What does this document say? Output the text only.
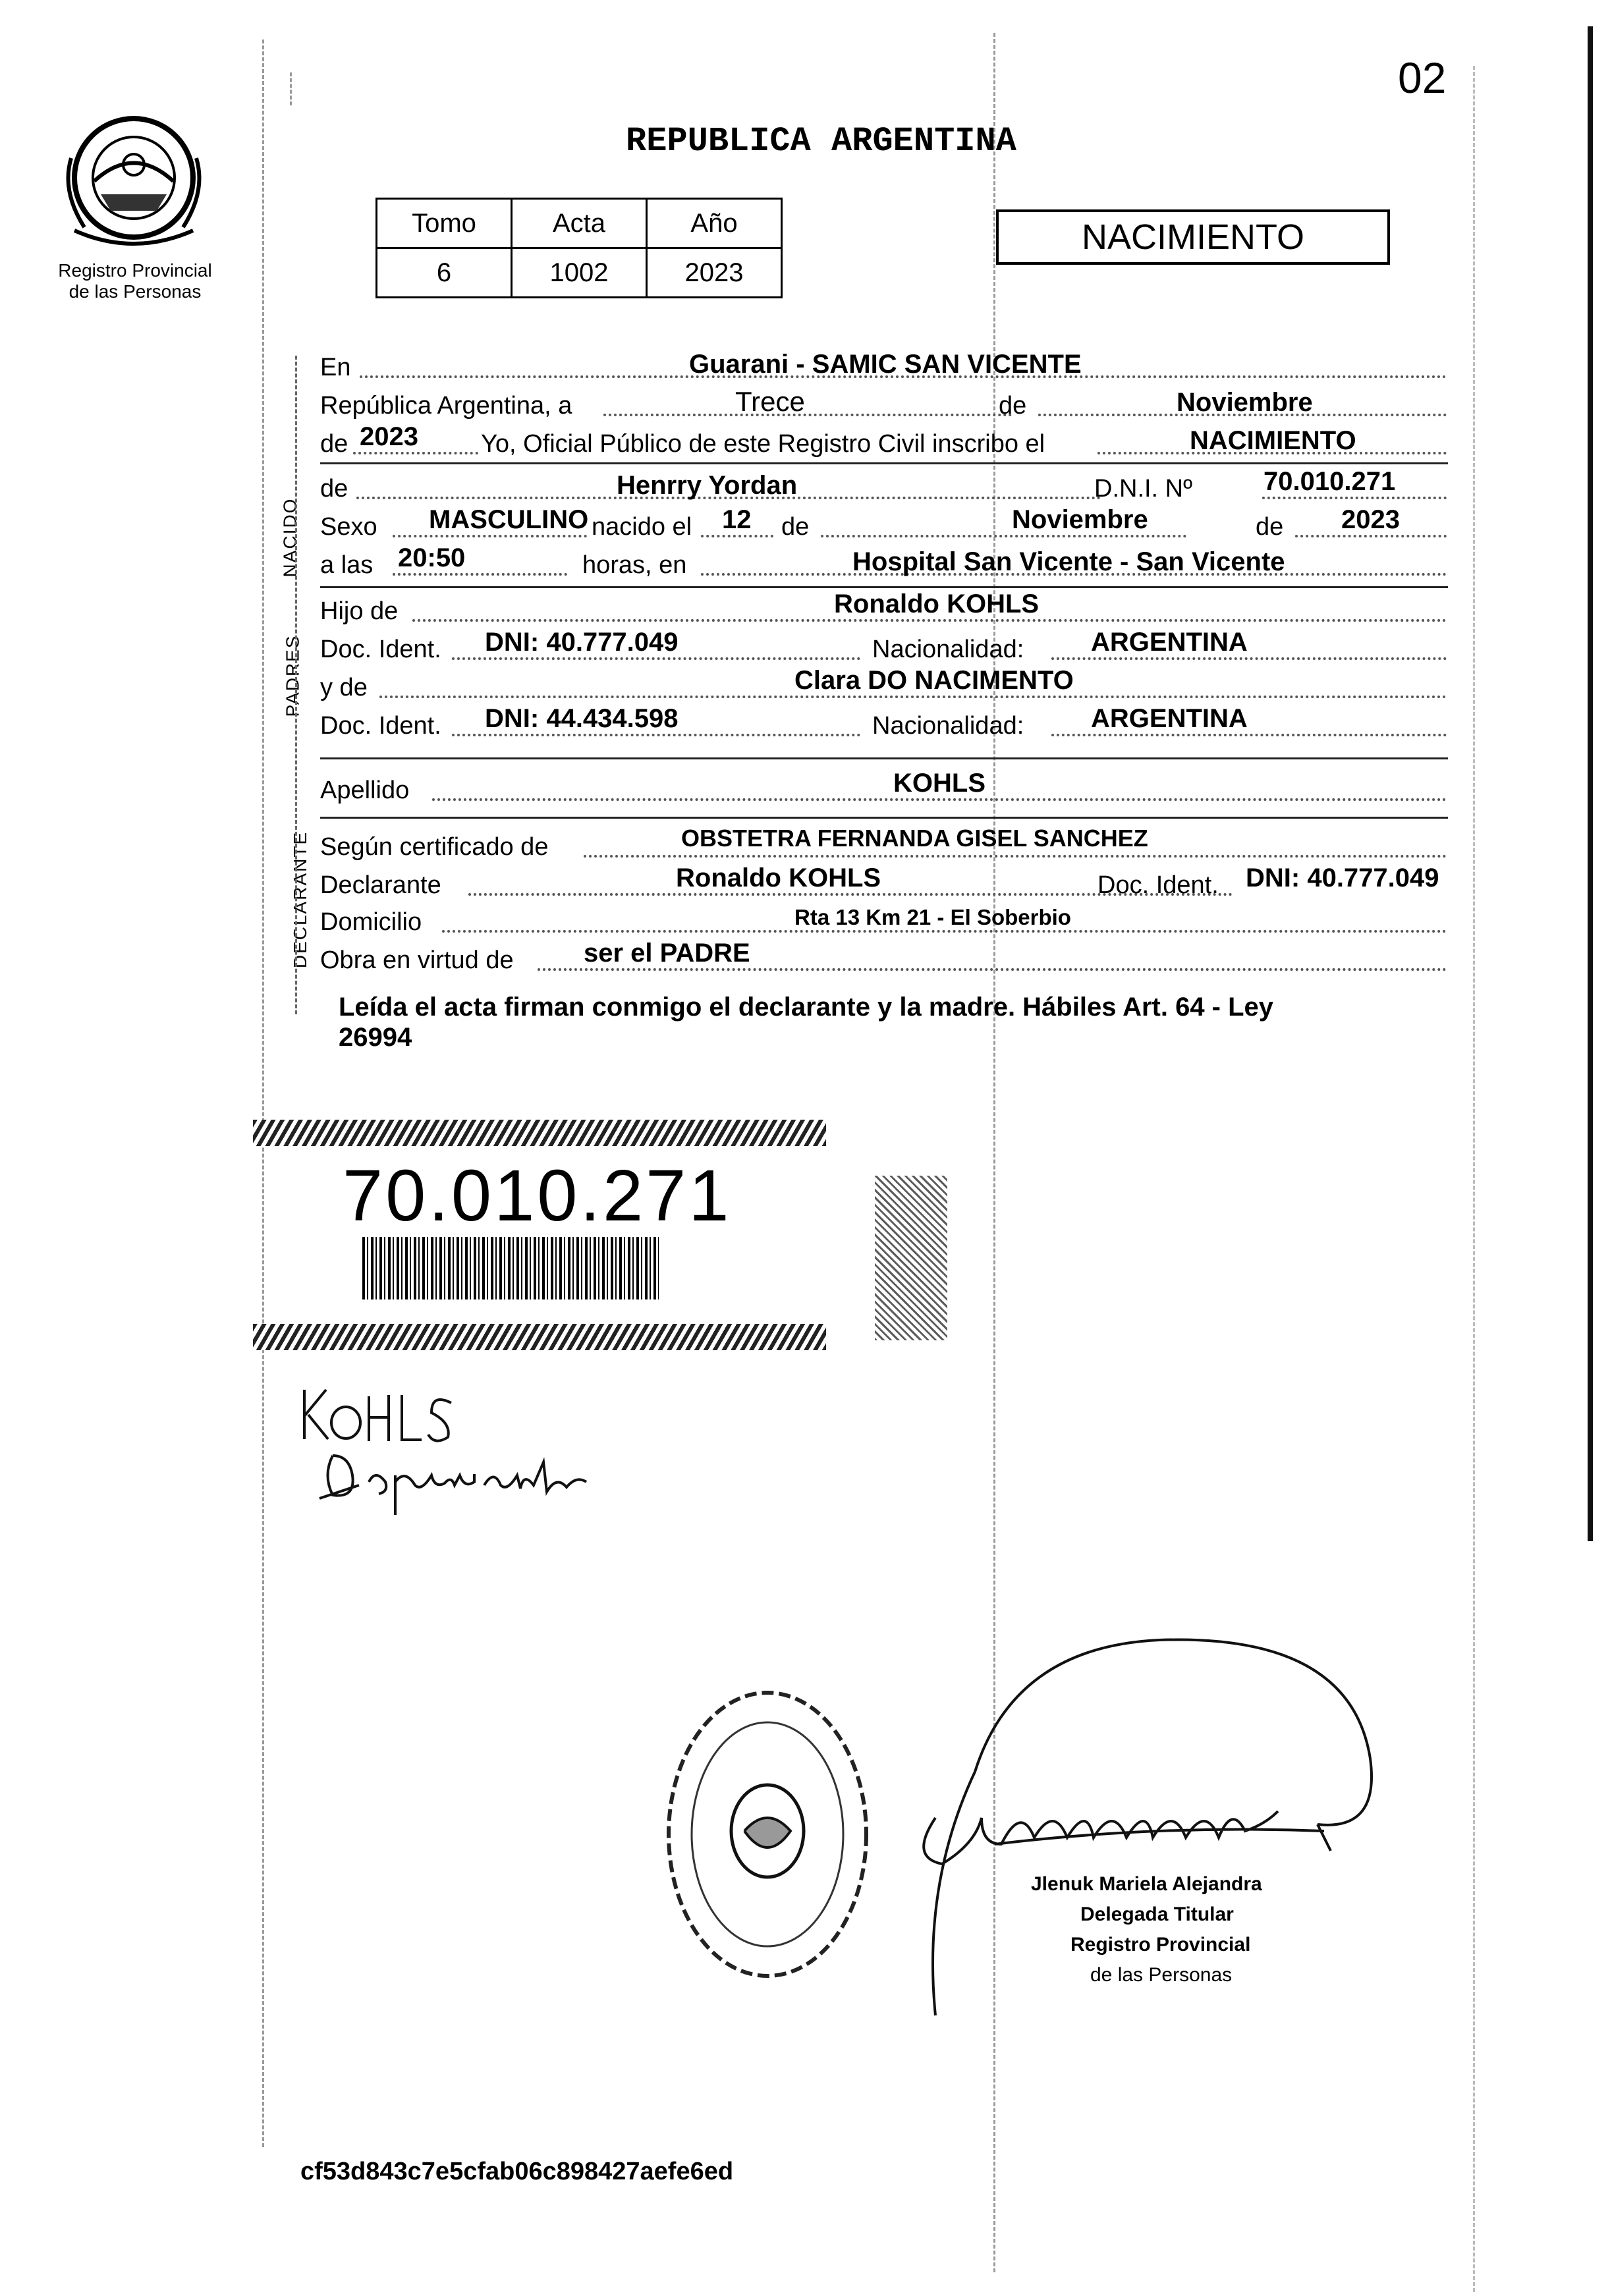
02
Registro Provincial
de las Personas
REPUBLICA ARGENTINA
Tomo	Acta	Año
6	1002	2023
NACIMIENTO
NACIDO
PADRES
DECLARANTE
En	Guarani - SAMIC SAN VICENTE
República Argentina, a	Trece	de	Noviembre
de 2023	Yo, Oficial Público de este Registro Civil inscribo el	NACIMIENTO
de	Henrry Yordan	D.N.I. Nº	70.010.271
Sexo MASCULINO nacido el 12 de	Noviembre	de 2023
a las 20:50	horas, en	Hospital San Vicente - San Vicente
Hijo de	Ronaldo KOHLS
Doc. Ident. DNI: 40.777.049	Nacionalidad:	ARGENTINA
y de	Clara DO NACIMENTO
Doc. Ident. DNI: 44.434.598	Nacionalidad:	ARGENTINA
Apellido	KOHLS
Según certificado de	OBSTETRA FERNANDA GISEL SANCHEZ
Declarante	Ronaldo KOHLS	Doc. Ident. DNI: 40.777.049
Domicilio	Rta 13 Km 21 - El Soberbio
Obra en virtud de	ser el PADRE
Leída el acta firman conmigo el declarante y la madre. Hábiles Art. 64 - Ley
26994
70.010.271
Jlenuk Mariela Alejandra
Delegada Titular
Registro Provincial
de las Personas
cf53d843c7e5cfab06c898427aefe6ed
